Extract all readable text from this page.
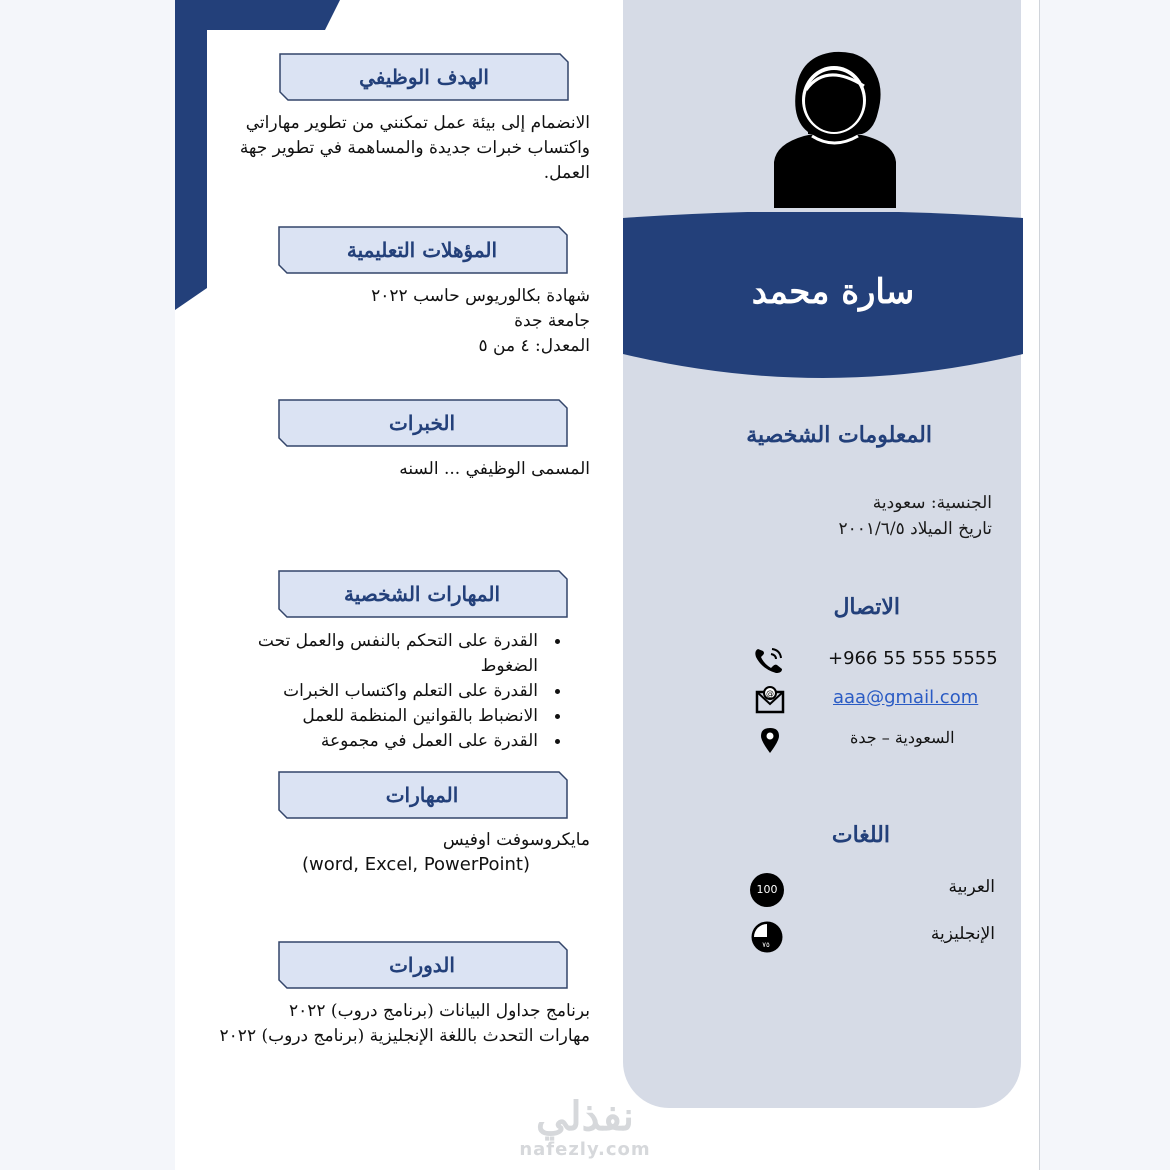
سارة محمد
المعلومات الشخصية
الجنسية: سعودية
تاريخ الميلاد ٢٠٠١/٦/٥
الاتصال
+966 55 555 5555
@	aaa@gmail.com
السعودية – جدة
اللغات
100	العربية
٧٥
الإنجليزية
الهدف الوظيفي
الانضمام إلى بيئة عمل تمكنني من تطوير مهاراتي
واكتساب خبرات جديدة والمساهمة في تطوير جهة
العمل.
المؤهلات التعليمية
شهادة بكالوريوس حاسب ٢٠٢٢
جامعة جدة
المعدل: ٤ من ٥
الخبرات
المسمى الوظيفي ... السنه
المهارات الشخصية
القدرة على التحكم بالنفس والعمل تحت الضغوط
القدرة على التعلم واكتساب الخبرات
الانضباط بالقوانين المنظمة للعمل
القدرة على العمل في مجموعة
المهارات
مايكروسوفت اوفيس
(word, Excel, PowerPoint)
الدورات
برنامج جداول البيانات (برنامج دروب) ٢٠٢٢
مهارات التحدث باللغة الإنجليزية (برنامج دروب) ٢٠٢٢
نفذلي
nafezly.com
